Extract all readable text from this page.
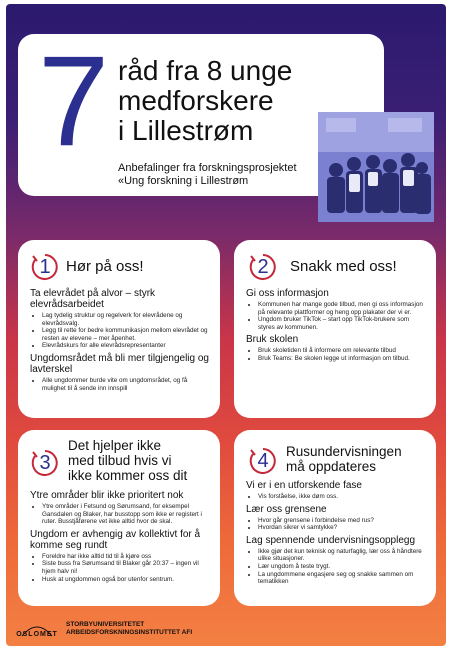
7 råd fra 8 unge
medforskere
i Lillestrøm

Anbefalinger fra forskningsprosjektet
«Ung forskning i Lillestrøm

1	Hør på oss!

Ta elevrådet på alvor – styrk elevrådsarbeidet

• Lag tydelig struktur og regelverk for elevrådene og elevrådsvalg.
• Legg til rette for bedre kommunikasjon mellom elevrådet og resten av elevene – mer åpenhet.
• Elevrådskurs for alle elevrådsrepresentanter

Ungdomsrådet må bli mer tilgjengelig og lavterskel

• Alle ungdommer burde vite om ungdomsrådet, og få mulighet til å sende inn innspill
2	Snakk med oss!

Gi oss informasjon

• Kommunen har mange gode tilbud, men gi oss informasjon på relevante plattformer og heng opp plakater der vi er.
• Ungdom bruker TikTok – start opp TikTok-brukere som styres av kommunen.

Bruk skolen

• Bruk skoletiden til å informere om relevante tilbud
• Bruk Teams: Be skolen legge ut informasjon om tilbud.
3
Det hjelper ikke
med tilbud hvis vi
ikke kommer oss dit

Ytre områder blir ikke prioritert nok

• Ytre områder i Fetsund og Sørumsand, for eksempel Gansdalen og Blaker, har busstopp som ikke er registert i ruter. Busstjåførene vet ikke alltid hvor de skal.

Ungdom er avhengig av kollektivt for å komme seg rundt

• Foreldre har ikke alltid tid til å kjøre oss
• Siste buss fra Sørumsand til Blaker går 20:37 – ingen vil hjem halv ni!
• Husk at ungdommen også bor utenfor sentrum.
4	Rusundervisningen
må oppdateres

Vi er i en utforskende fase

• Vis forståelse, ikke døm oss.

Lær oss grensene

• Hvor går grensene i forbindelse med rus?
• Hvordan sikrer vi samtykke?

Lag spennende undervisningsopplegg

• Ikke gjør det kun teknisk og naturfaglig, lær oss å håndtere ulike situasjoner.
• Lær ungdom å teste trygt.
• La ungdommene engasjere seg og snakke sammen om tematikken
OSLOMET
STORBYUNIVERSITETET
ARBEIDSFORSKNINGSINSTITUTTET AFI
